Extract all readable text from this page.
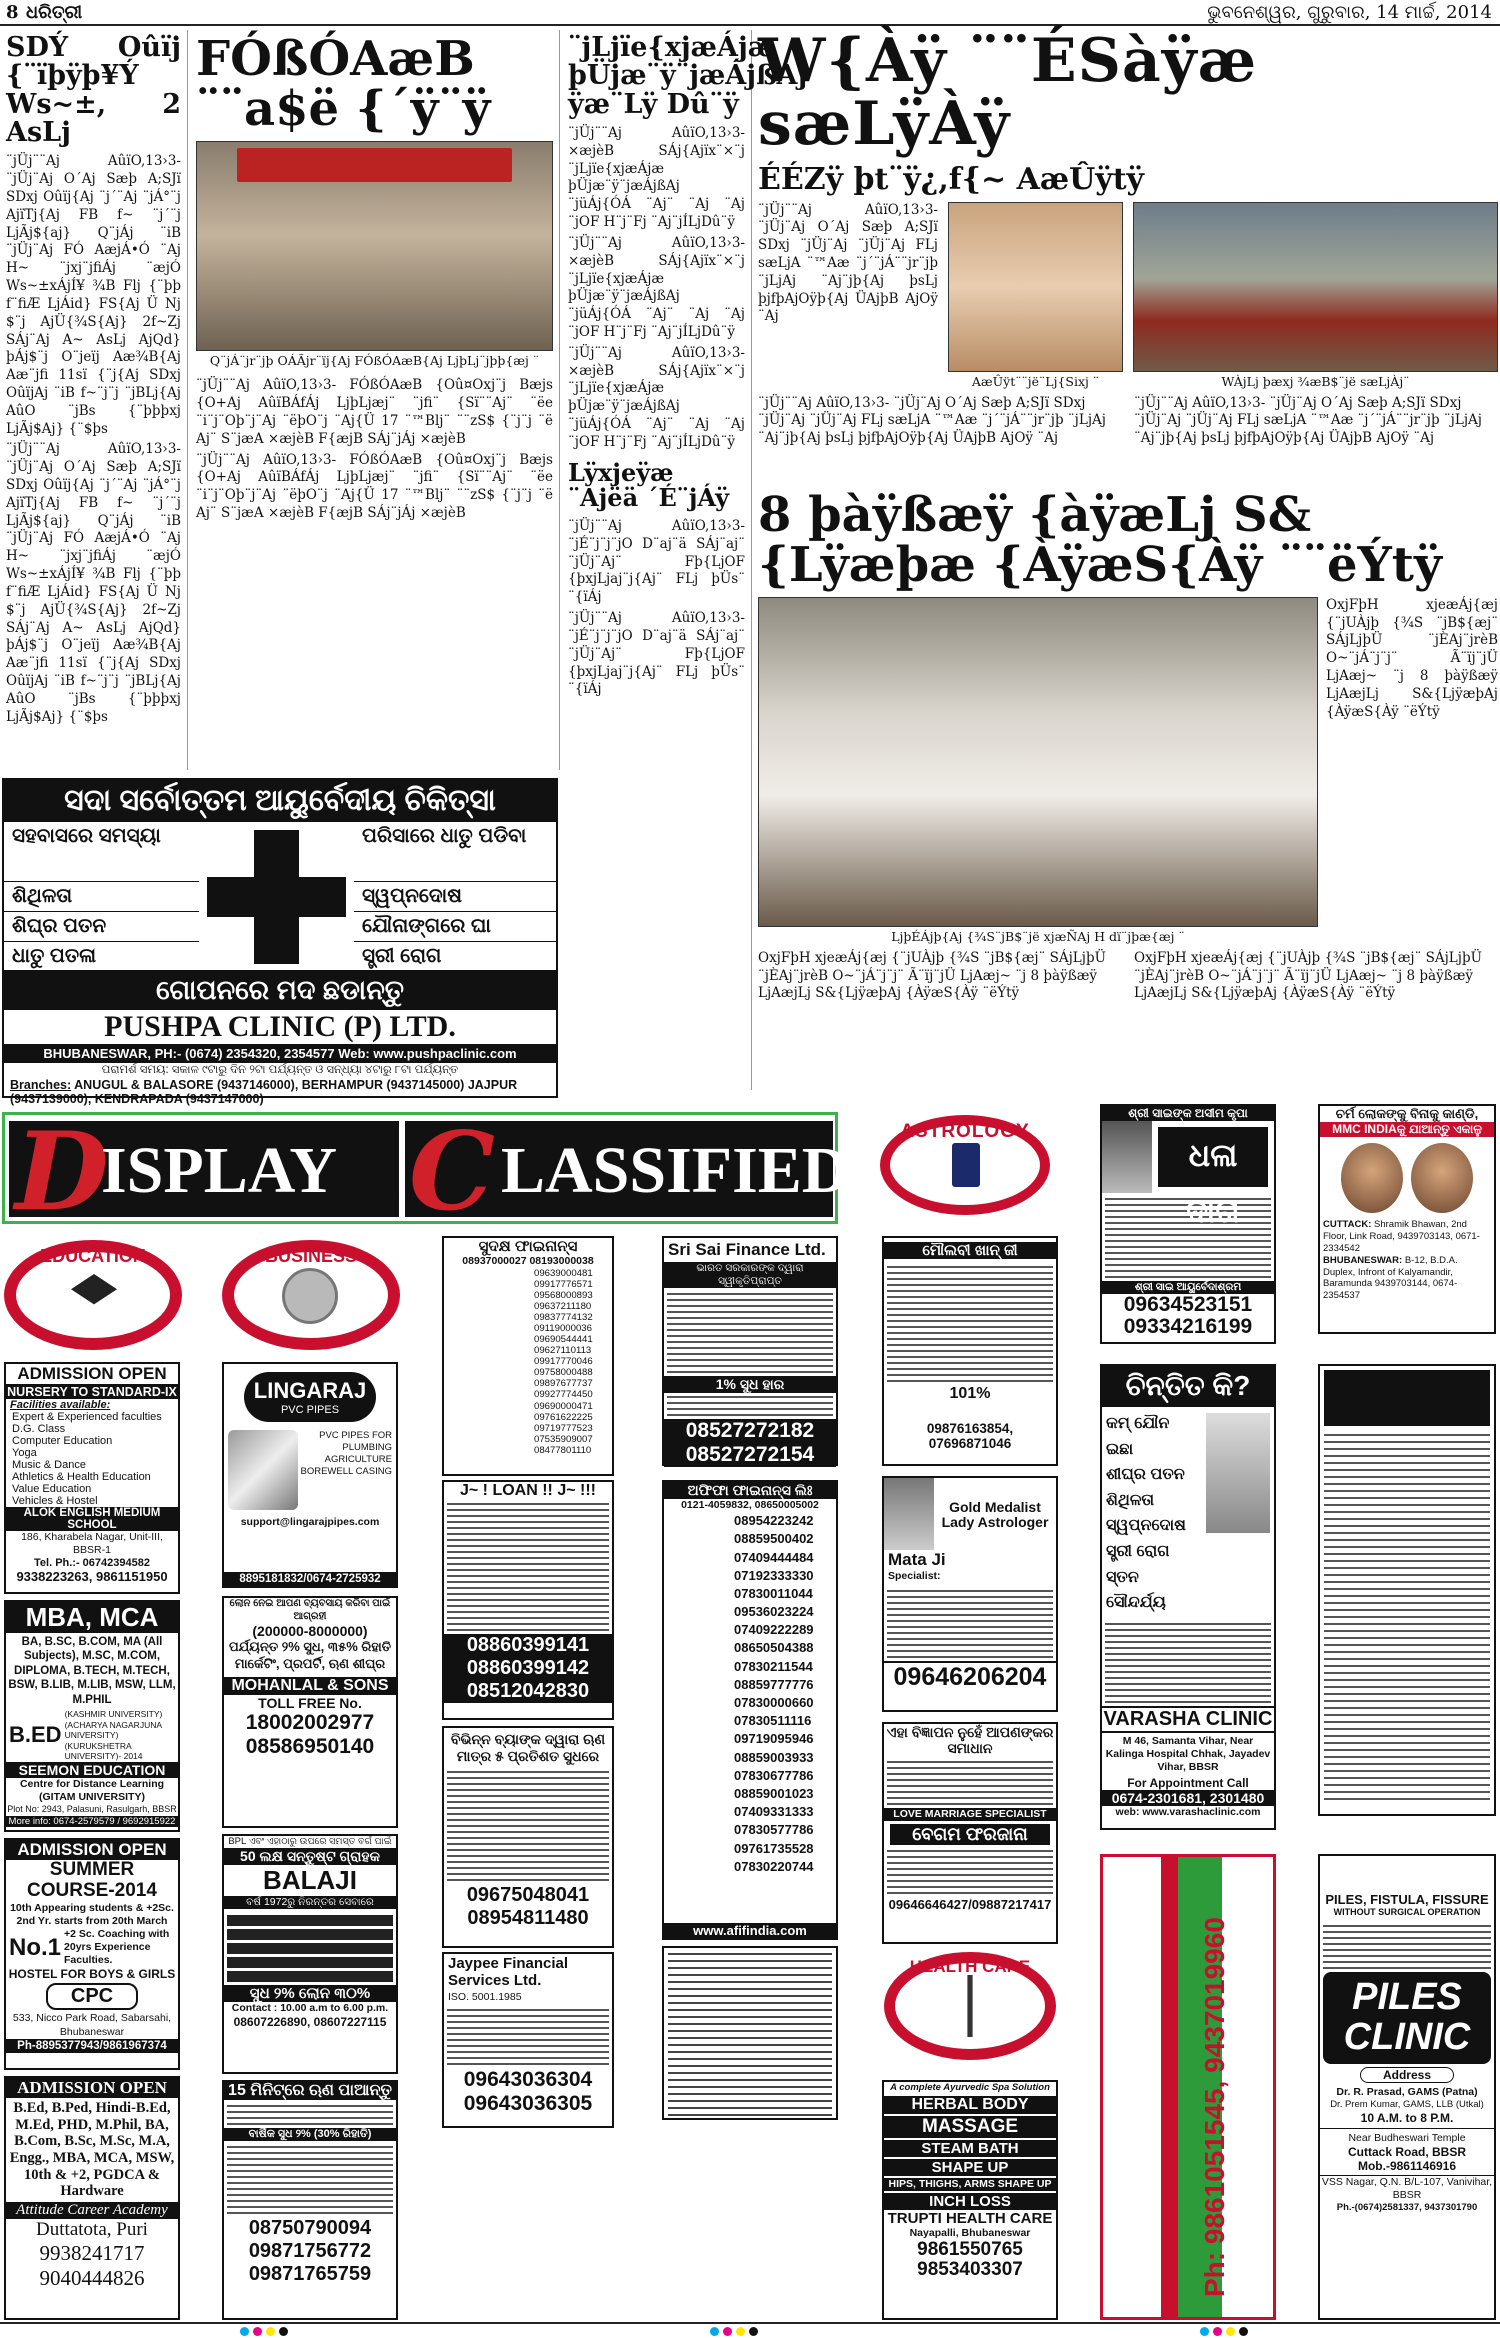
8 ଧରିତ୍ରୀ	ଭୁବନେଶ୍ୱର, ଗୁରୁବାର, 14 ମାର୍ଚ୍ଚ, 2014
SDÝ Oûïj {¨ïþÿþ¥Ý Ws~±, 2 AsLj

¨jÜj¨¨Aj AûïO,13›3- ¨jÜj¨Aj O´Aj Sæþ A;SJï SDxj Oûïj{Aj ¨j´¨Aj ¨jÁ°¨j AjïTj{Aj FB f~ ¨j´¨j LjÃj${aj} Q¨jÁj ¨iB ¨jÜj¨Aj FÓ AæjÁ•Ó ¨Aj H~ ¨jxj¨jfiÁj ¨æjÓ Ws~±xÁjÍ¥ ¾B Flj {¨þþ f¨fiÆ LjÁid} FS{Aj Ü Nj $¨j AjÜ{¾S{Aj} 2f~Zj SÁj¨Aj A~ AsLj AjQd} þÁj$¨j O¨jeïj Aæ¾B{Aj Aæ¨jfi 11sï {¨j{Aj SDxj OûïjAj ¨iB f~¨j¨j ¨jBLj{Aj AûO ¨jBs {¨þþþxj LjÃj$Aj} {¨$þs

¨jÜj¨¨Aj AûïO,13›3- ¨jÜj¨Aj O´Aj Sæþ A;SJï SDxj Oûïj{Aj ¨j´¨Aj ¨jÁ°¨j AjïTj{Aj FB f~ ¨j´¨j LjÃj${aj} Q¨jÁj ¨iB ¨jÜj¨Aj FÓ AæjÁ•Ó ¨Aj H~ ¨jxj¨jfiÁj ¨æjÓ Ws~±xÁjÍ¥ ¾B Flj {¨þþ f¨fiÆ LjÁid} FS{Aj Ü Nj $¨j AjÜ{¾S{Aj} 2f~Zj SÁj¨Aj A~ AsLj AjQd} þÁj$¨j O¨jeïj Aæ¾B{Aj Aæ¨jfi 11sï {¨j{Aj SDxj OûïjAj ¨iB f~¨j¨j ¨jBLj{Aj AûO ¨jBs {¨þþþxj LjÃj$Aj} {¨$þs

FÓßÓAæB ¨¨a$ë {´ÿ¨ÿ
Q¨jÁ¨jr¨jþ OÁÃjr¨ïj{Aj FÓßÓAæB{Aj LjþLj¨jþþ{æj ¨

¨jÜj¨¨Aj AûïO,13›3- FÓßÓAæB {Oû¤Oxj¨j Bæjs {O+Aj AûïBÁfÁj LjþLjæj¨ ¨jfi¨ {Sï¨¨Aj¨ ¨ëe ¨i¨j¨Oþ¨j¨Aj ¨ëþO¨j ¨Aj{Ü 17 ¨™Blj¨ ¨¨zS$ {¨j¨j ¨ë Aj¨ S¨jæA ×æjèB F{æjB SÁj¨jÁj ×æjèB

¨jÜj¨¨Aj AûïO,13›3- FÓßÓAæB {Oû¤Oxj¨j Bæjs {O+Aj AûïBÁfÁj LjþLjæj¨ ¨jfi¨ {Sï¨¨Aj¨ ¨ëe ¨i¨j¨Oþ¨j¨Aj ¨ëþO¨j ¨Aj{Ü 17 ¨™Blj¨ ¨¨zS$ {¨j¨j ¨ë Aj¨ S¨jæA ×æjèB F{æjB SÁj¨jÁj ×æjèB

¨jLjïe{xjæÁjæ þÜjæ¨ÿ¨jæÁjßAj ÿæ¨Lÿ Dû¨ÿ

¨jÜj¨¨Aj AûïO,13›3- ×æjèB SÁj{Ajïx¨×¨j ¨jLjïe{xjæÁjæ þÜjæ¨ÿ¨jæÁjßAj ¨jüÁj{ÓÁ ¨Aj¨ ¨Aj ¨Aj ¨jOF H¨j¨Fj ¨Aj¨jÍLjDû¨ÿ

¨jÜj¨¨Aj AûïO,13›3- ×æjèB SÁj{Ajïx¨×¨j ¨jLjïe{xjæÁjæ þÜjæ¨ÿ¨jæÁjßAj ¨jüÁj{ÓÁ ¨Aj¨ ¨Aj ¨Aj ¨jOF H¨j¨Fj ¨Aj¨jÍLjDû¨ÿ

¨jÜj¨¨Aj AûïO,13›3- ×æjèB SÁj{Ajïx¨×¨j ¨jLjïe{xjæÁjæ þÜjæ¨ÿ¨jæÁjßAj ¨jüÁj{ÓÁ ¨Aj¨ ¨Aj ¨Aj ¨jOF H¨j¨Fj ¨Aj¨jÍLjDû¨ÿ

Lÿxjeÿæ ¨Ajëä ´É¨jÁÿ

¨jÜj¨¨Aj AûïO,13›3-¨jÉ¨j¨j¨jO D¨aj¨ä SÁj¨aj¨ ¨jÜj¨Aj¨ Fþ{LjOF {þxjLjaj¨j{Aj¨ FLj þÜs¨ ¨{ïÁj

¨jÜj¨¨Aj AûïO,13›3-¨jÉ¨j¨j¨jO D¨aj¨ä SÁj¨aj¨ ¨jÜj¨Aj¨ Fþ{LjOF {þxjLjaj¨j{Aj¨ FLj þÜs¨ ¨{ïÁj

W{Àÿ ¨¨ÉSàÿæ sæLÿÀÿ
ÉÉZÿ þt¨ÿ¿,f{~ AæÛÿtÿ
¨jÜj¨¨Aj AûïO,13›3- ¨jÜj¨Aj O´Aj Sæþ A;SJï SDxj ¨jÜj¨Aj ¨jÜj¨Aj FLj sæLjA ¨™Aæ ¨j´¨jÁ¨¨jr¨jþ ¨jLjAj ¨Aj¨jþ{Aj þsLj þjfþAjOÿþ{Aj ÜAjþB AjOÿ ¨Aj
AæÛÿt¨¨jë¨Lj{Sixj ¨	WÀjLj þæxj ¾æB$¨jë sæLjÀj¨
¨jÜj¨¨Aj AûïO,13›3- ¨jÜj¨Aj O´Aj Sæþ A;SJï SDxj ¨jÜj¨Aj ¨jÜj¨Aj FLj sæLjA ¨™Aæ ¨j´¨jÁ¨¨jr¨jþ ¨jLjAj ¨Aj¨jþ{Aj þsLj þjfþAjOÿþ{Aj ÜAjþB AjOÿ ¨Aj
¨jÜj¨¨Aj AûïO,13›3- ¨jÜj¨Aj O´Aj Sæþ A;SJï SDxj ¨jÜj¨Aj ¨jÜj¨Aj FLj sæLjA ¨™Aæ ¨j´¨jÁ¨¨jr¨jþ ¨jLjAj ¨Aj¨jþ{Aj þsLj þjfþAjOÿþ{Aj ÜAjþB AjOÿ ¨Aj
8 þàÿßæÿ {àÿæLj S&{Lÿæþæ {ÀÿæS{Àÿ ¨¨ëÝtÿ
LjþÉÁjþ{Aj {¾S¨jB$¨jë xjæÑAj H dï¨jþæ{æj ¨
OxjFþH xjeæÁj{æj {¨jUÀjþ {¾S ¨jB${æj¨ SÁjLjþÜ ¨jÈAj¨jrèB O~¨jÁ¨j¨j¨ Ã¨ïj¨jÜ LjAæj~ ¨j 8 þàÿßæÿ LjAæjLj S&{LjÿæþAj {ÀÿæS{Àÿ ¨ëÝtÿ
OxjFþH xjeæÁj{æj {¨jUÀjþ {¾S ¨jB${æj¨ SÁjLjþÜ ¨jÈAj¨jrèB O~¨jÁ¨j¨j¨ Ã¨ïj¨jÜ LjAæj~ ¨j 8 þàÿßæÿ LjAæjLj S&{LjÿæþAj {ÀÿæS{Àÿ ¨ëÝtÿ
OxjFþH xjeæÁj{æj {¨jUÀjþ {¾S ¨jB${æj¨ SÁjLjþÜ ¨jÈAj¨jrèB O~¨jÁ¨j¨j¨ Ã¨ïj¨jÜ LjAæj~ ¨j 8 þàÿßæÿ LjAæjLj S&{LjÿæþAj {ÀÿæS{Àÿ ¨ëÝtÿ
ସଦା ସର୍ବୋତ୍ତମ ଆୟୁର୍ବେଦୀୟ ଚିକିତ୍ସା
ସହବାସରେ ସମସ୍ୟା
ଶିଥିଳତା
ଶିଘ୍ର ପତନ
ଧାତୁ ପତଳା
ପରିସାରେ ଧାତୁ ପଡିବା
ସ୍ୱପ୍ନଦୋଷ
ଯୌନାଙ୍ଗରେ ଘା
ସ୍ତ୍ରୀ ରୋଗ
ଗୋପନରେ ମଦ ଛଡାନ୍ତୁ
PUSHPA CLINIC (P) LTD.
BHUBANESWAR, PH:- (0674) 2354320, 2354577 Web: www.pushpaclinic.com
ପରାମର୍ଶ ସମୟ: ସକାଳ ୯ଟାରୁ ଦିନ ୨ଟା ପର୍ଯ୍ୟନ୍ତ ଓ ସନ୍ଧ୍ୟା ୪ଟାରୁ ୮ଟା ପର୍ଯ୍ୟନ୍ତ
Branches: ANUGUL & BALASORE (9437146000), BERHAMPUR (9437145000) JAJPUR (9437139000), KENDRAPADA (9437147000)
D
ISPLAY C LASSIFIED
ASTROLOGY
EDUCATION	BUSINESS
ADMISSION OPEN
NURSERY TO STANDARD-IX
Facilities available:
Expert & Experienced faculties
D.G. Class
Computer Education
Yoga
Music & Dance
Athletics & Health Education
Value Education
Vehicles & Hostel
ALOK ENGLISH MEDIUM SCHOOL
186, Kharabela Nagar, Unit-III, BBSR-1
Tel. Ph.:- 06742394582
9338223263, 9861151950
MBA, MCA
BA, B.SC, B.COM, MA (All Subjects), M.SC, M.COM, DIPLOMA, B.TECH, M.TECH, BSW, B.LIB, M.LIB, MSW, LLM, M.PHIL
B.ED
(KASHMIR UNIVERSITY) (ACHARYA NAGARJUNA UNIVERSITY) (KURUKSHETRA UNIVERSITY)- 2014
SEEMON EDUCATION
Centre for Distance Learning (GITAM UNIVERSITY)
Plot No: 2943, Palasuni, Rasulgarh, BBSR
More info: 0674-2579579 / 9692915922
ADMISSION OPEN
SUMMER COURSE-2014
10th Appearing students & +2Sc. 2nd Yr. starts from 20th March
No.1 +2 Sc. Coaching with 20yrs Experience Faculties.
HOSTEL FOR BOYS & GIRLS
CPC
533, Nicco Park Road, Sabarsahi, Bhubaneswar
Ph-8895377943/9861967374
ADMISSION OPEN
B.Ed, B.Ped, Hindi-B.Ed, M.Ed, PHD, M.Phil, BA, B.Com, B.Sc, M.Sc, M.A, Engg., MBA, MCA, MSW, 10th & +2, PGDCA & Hardware
Attitude Career Academy
Duttatota, Puri
9938241717
9040444826
LINGARAJ
PVC PIPES
PVC PIPES FOR PLUMBING AGRICULTURE BOREWELL CASING
support@lingarajpipes.com
8895181832/0674-2725932
ଲୋନ ନେଇ ଆପଣ ବ୍ୟବସାୟ କରିବା ପାଇଁ ଆଗ୍ରହୀ
(200000-8000000)
ପର୍ଯ୍ୟନ୍ତ ୨% ସୁଧ, ୩୫% ରିହାତି ମାର୍କେଟିଂ, ପ୍ରପର୍ଟି, ଋଣ ଶୀଘ୍ର
MOHANLAL & SONS
TOLL FREE No.
18002002977
08586950140
BPL ଏବଂ ଏହାଠାରୁ ଉପରେ ସମସ୍ତ ବର୍ଗ ପାଇଁ
50 ଲକ୍ଷ ସନ୍ତୁଷ୍ଟ ଗ୍ରାହକ
BALAJI
ବର୍ଷ 1972ରୁ ନିରନ୍ତର ସେବାରେ
ସୁଧ ୨% ଲୋନ ୩୦%
Contact : 10.00 a.m to 6.00 p.m.
08607226890, 08607227115
15 ମିନିଟ୍‌ରେ ଋଣ ପାଆନ୍ତୁ
ବାର୍ଷିକ ସୁଧ ୨% (30% ରିହାତି)
08750790094
09871756772
09871765759
ସୁଦକ୍ଷ ଫାଇନାନ୍ସ
08937000027 08193000038
09639000481
09917776571
09568000893
09637211180
09837774132
09119000036
09690544441
09627110113
09917770046
09758000488
09897677737
09927774450
09690000471
09761622225
09719777523
07535909007
08477801110
J~ ! LOAN !! J~ !!!
08860399141
08860399142
08512042830
ବିଭିନ୍ନ ବ୍ୟାଙ୍କ ଦ୍ୱାରା ଋଣ ମାତ୍ର ୫ ପ୍ରତିଶତ ସୁଧରେ
09675048041
08954811480
Jaypee Financial Services Ltd.
ISO. 5001.1985
09643036304
09643036305
Sri Sai Finance Ltd.
ଭାରତ ସରକାରଙ୍କ ଦ୍ୱାରା ସ୍ୱୀକୃତିପ୍ରାପ୍ତ
1% ସୁଧ ହାର
08527272182
08527272154
ଅଫିଫା ଫାଇନାନ୍ସ ଲିଃ
0121-4059832, 08650005002
08954223242
08859500402
07409444484
07192333330
07830011044
09536023224
07409222289
08650504388
07830211544
08859777776
07830000660
07830511116
09719095946
08859003933
07830677786
08859001023
07409331333
07830577786
09761735528
07830220744
www.afifindia.com
ମୌଲବୀ ଖାନ୍ ଜୀ
101%
09876163854, 07696871046
Gold Medalist Lady Astrologer
Mata Ji
Specialist:
09646206204
ଏହା ବିଜ୍ଞାପନ ନୁହେଁ ଆପଣଙ୍କର ସମାଧାନ
LOVE MARRIAGE SPECIALIST
ବେଗମ ଫରଜାନା
09646646427/09887217417
HEALTH CARE
A complete Ayurvedic Spa Solution
HERBAL BODY
MASSAGE
STEAM BATH
SHAPE UP
HIPS, THIGHS, ARMS SHAPE UP
INCH LOSS
TRUPTI HEALTH CARE
Nayapalli, Bhubaneswar
9861550765
9853403307
ଶ୍ରୀ ସାଇଙ୍କ ଅସୀମ କୃପା
ଧଳା ଦାଗ
ଶ୍ରୀ ସାଇ ଆୟୁର୍ବେଦାଶ୍ରମ
09634523151
09334216199
ଚିନ୍ତିତ କି?
କମ୍ ଯୌନ ଇଛା
ଶୀଘ୍ର ପତନ
ଶିଥିଳତା
ସ୍ୱପ୍ନଦୋଷ
ସ୍ତ୍ରୀ ରୋଗ
ସ୍ତନ ସୌନ୍ଦର୍ଯ୍ୟ
VARASHA CLINIC
M 46, Samanta Vihar, Near Kalinga Hospital Chhak, Jayadev Vihar, BBSR
For Appointment Call
0674-2301681, 2301480
web: www.varashaclinic.com
Ph: 9861051545, 9437019960
ଚର୍ମ ଲୋକଙ୍କୁ ବିନାକୁ କାଣ୍ଡି,
MMC INDIAକୁ ଯାଆନ୍ତୁ ଏକାଳୁ
CUTTACK: Shramik Bhawan, 2nd Floor, Link Road, 9439703143, 0671-2334542
BHUBANESWAR: B-12, B.D.A. Duplex, Infront of Kalyamandir, Baramunda 9439703144, 0674-2354537
PILES, FISTULA, FISSURE
WITHOUT SURGICAL OPERATION
PILES CLINIC
Address
Dr. R. Prasad, GAMS (Patna)
Dr. Prem Kumar, GAMS, LLB (Utkal)
10 A.M. to 8 P.M.
Near Budheswari Temple
Cuttack Road, BBSR
Mob.-9861146916
VSS Nagar, Q.N. B/L-107, Vanivihar, BBSR
Ph.-(0674)2581337, 9437301790
